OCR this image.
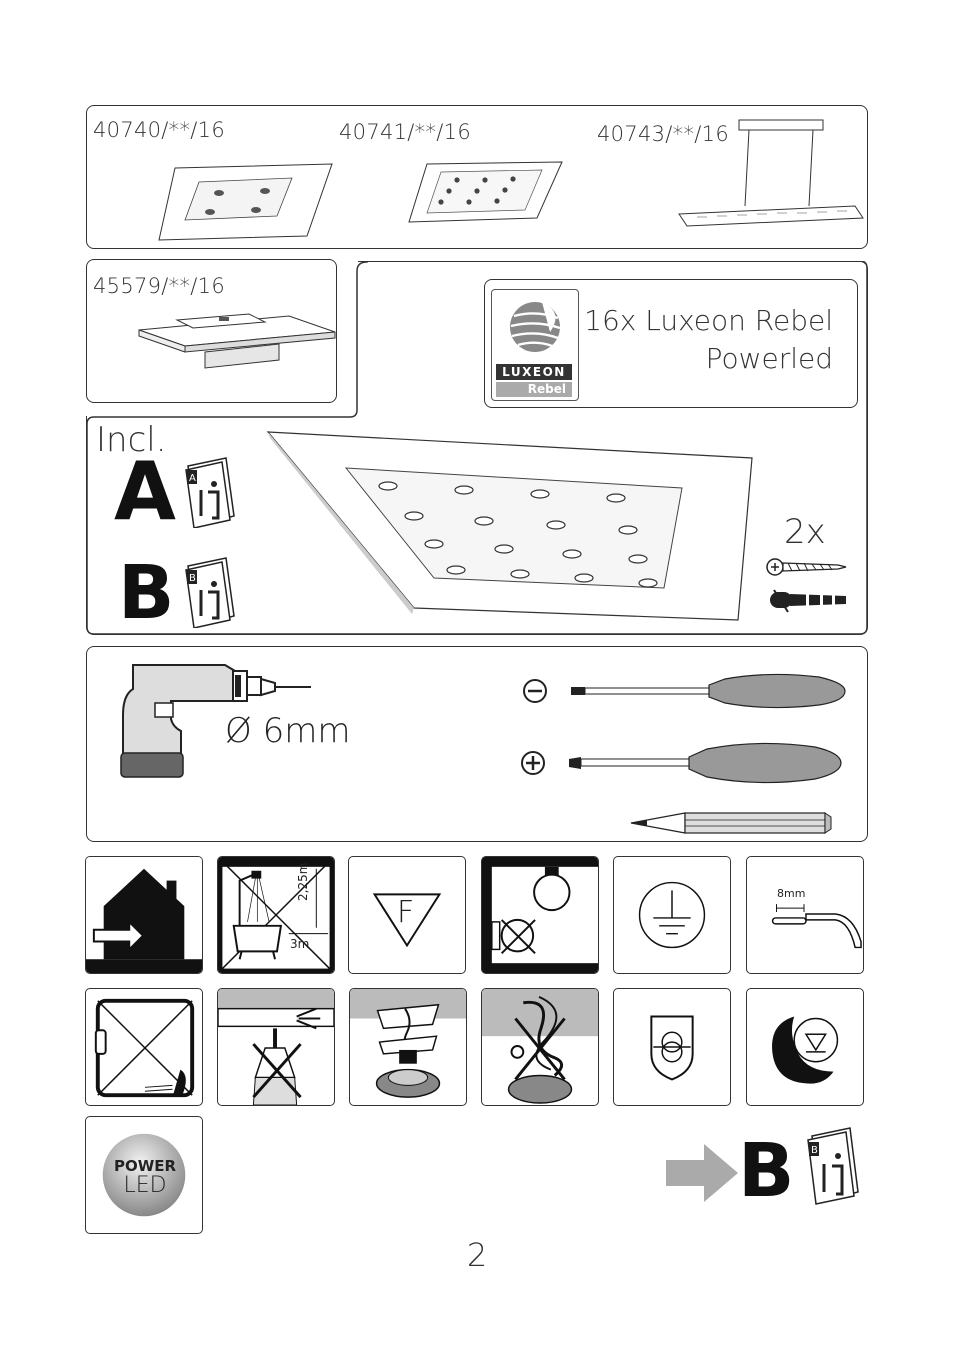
40740/**/16	40741/**/16	40743/**/16
45579/**/16
LUXEON
Rebel
16x Luxeon Rebel
Powerled
Incl.
A
B
A
B
2x
Ø 6mm
2,25m
3m
F
8mm
POWER
LED	B B
2
